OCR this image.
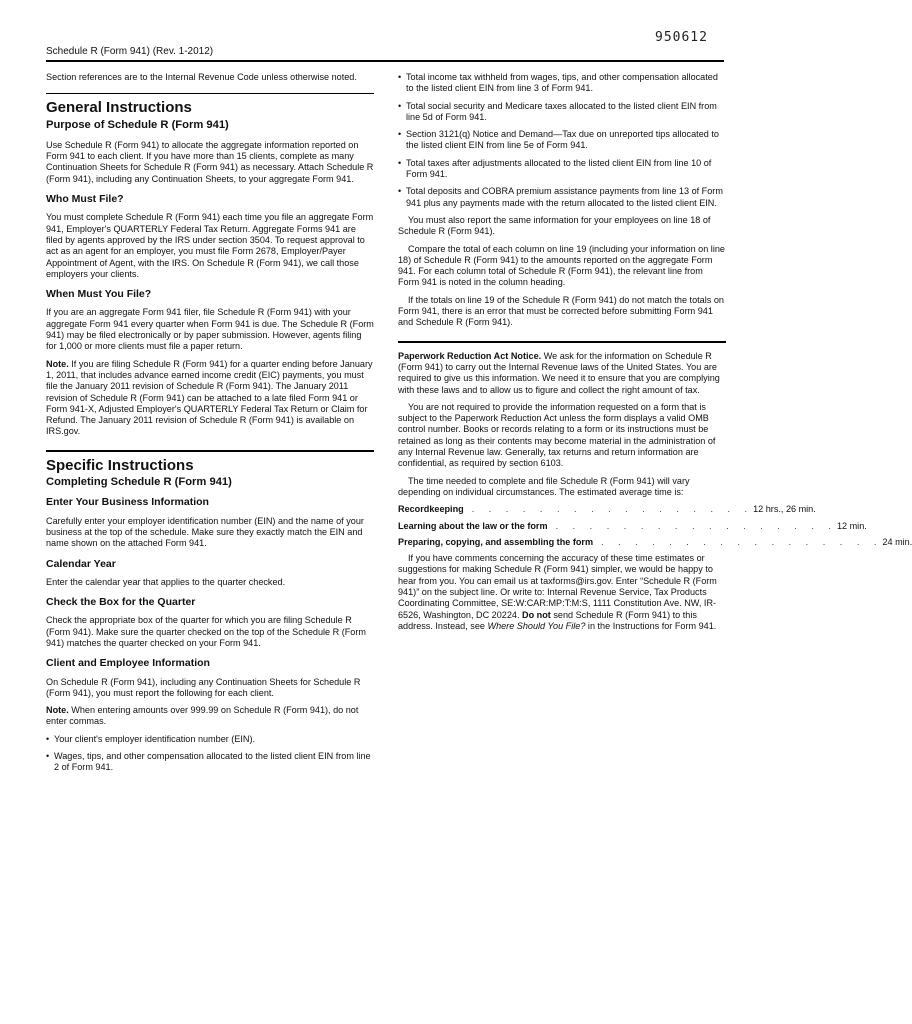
950612
Schedule R (Form 941) (Rev. 1-2012)

Section references are to the Internal Revenue Code unless otherwise noted.

General Instructions
Purpose of Schedule R (Form 941)

Use Schedule R (Form 941) to allocate the aggregate information reported on Form 941 to each client. If you have more than 15 clients, complete as many Continuation Sheets for Schedule R (Form 941) as necessary. Attach Schedule R (Form 941), including any Continuation Sheets, to your aggregate Form 941.

Who Must File?

You must complete Schedule R (Form 941) each time you file an aggregate Form 941, Employer's QUARTERLY Federal Tax Return. Aggregate Forms 941 are filed by agents approved by the IRS under section 3504. To request approval to act as an agent for an employer, you must file Form 2678, Employer/Payer Appointment of Agent, with the IRS. On Schedule R (Form 941), we call those employers your clients.

When Must You File?

If you are an aggregate Form 941 filer, file Schedule R (Form 941) with your aggregate Form 941 every quarter when Form 941 is due. The Schedule R (Form 941) may be filed electronically or by paper submission. However, agents filing for 1,000 or more clients must file a paper return.

Note. If you are filing Schedule R (Form 941) for a quarter ending before January 1, 2011, that includes advance earned income credit (EIC) payments, you must file the January 2011 revision of Schedule R (Form 941). The January 2011 revision of Schedule R (Form 941) can be attached to a late filed Form 941 or Form 941-X, Adjusted Employer's QUARTERLY Federal Tax Return or Claim for Refund. The January 2011 revision of Schedule R (Form 941) is available on IRS.gov.

Specific Instructions
Completing Schedule R (Form 941)
Enter Your Business Information

Carefully enter your employer identification number (EIN) and the name of your business at the top of the schedule. Make sure they exactly match the EIN and name shown on the attached Form 941.

Calendar Year

Enter the calendar year that applies to the quarter checked.

Check the Box for the Quarter

Check the appropriate box of the quarter for which you are filing Schedule R (Form 941). Make sure the quarter checked on the top of the Schedule R (Form 941) matches the quarter checked on your Form 941.

Client and Employee Information

On Schedule R (Form 941), including any Continuation Sheets for Schedule R (Form 941), you must report the following for each client.

Note. When entering amounts over 999.99 on Schedule R (Form 941), do not enter commas.

• Your client's employer identification number (EIN).

• Wages, tips, and other compensation allocated to the listed client EIN from line 2 of Form 941.

• Total income tax withheld from wages, tips, and other compensation allocated to the listed client EIN from line 3 of Form 941.

• Total social security and Medicare taxes allocated to the listed client EIN from line 5d of Form 941.

• Section 3121(q) Notice and Demand—Tax due on unreported tips allocated to the listed client EIN from line 5e of Form 941.

• Total taxes after adjustments allocated to the listed client EIN from line 10 of Form 941.

• Total deposits and COBRA premium assistance payments from line 13 of Form 941 plus any payments made with the return allocated to the listed client EIN.

You must also report the same information for your employees on line 18 of Schedule R (Form 941).

Compare the total of each column on line 19 (including your information on line 18) of Schedule R (Form 941) to the amounts reported on the aggregate Form 941. For each column total of Schedule R (Form 941), the relevant line from Form 941 is noted in the column heading.

If the totals on line 19 of the Schedule R (Form 941) do not match the totals on Form 941, there is an error that must be corrected before submitting Form 941 and Schedule R (Form 941).

Paperwork Reduction Act Notice. We ask for the information on Schedule R (Form 941) to carry out the Internal Revenue laws of the United States. You are required to give us this information. We need it to ensure that you are complying with these laws and to allow us to figure and collect the right amount of tax.

You are not required to provide the information requested on a form that is subject to the Paperwork Reduction Act unless the form displays a valid OMB control number. Books or records relating to a form or its instructions must be retained as long as their contents may become material in the administration of any Internal Revenue law. Generally, tax returns and return information are confidential, as required by section 6103.

The time needed to complete and file Schedule R (Form 941) will vary depending on individual circumstances. The estimated average time is:

Recordkeeping . . . . . . . . . . . . . . . . . 12 hrs., 26 min.
Learning about the law or the form . . . . . . . . . . . . . . . . . 12 min.
Preparing, copying, and assembling the form . . . . . . . . . . . . . . . . . 24 min.

If you have comments concerning the accuracy of these time estimates or suggestions for making Schedule R (Form 941) simpler, we would be happy to hear from you. You can email us at taxforms@irs.gov. Enter “Schedule R (Form 941)” on the subject line. Or write to: Internal Revenue Service, Tax Products Coordinating Committee, SE:W:CAR:MP:T:M:S, 1111 Constitution Ave. NW, IR-6526, Washington, DC 20224. Do not send Schedule R (Form 941) to this address. Instead, see Where Should You File? in the Instructions for Form 941.
